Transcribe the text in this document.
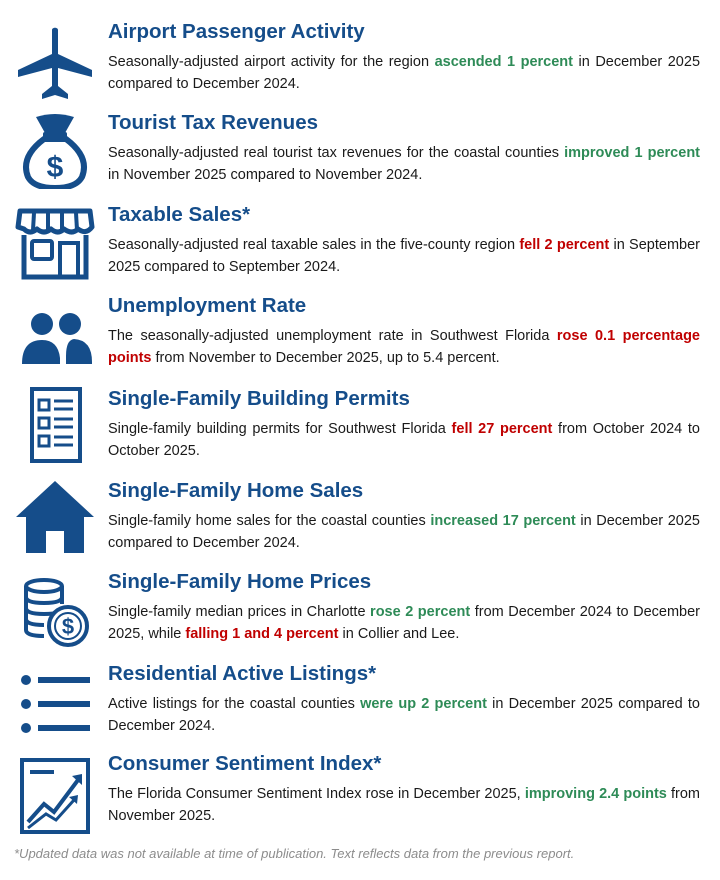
Airport Passenger Activity

Seasonally-adjusted airport activity for the region ascended 1 percent in December 2025 compared to December 2024.

$
Tourist Tax Revenues

Seasonally-adjusted real tourist tax revenues for the coastal counties improved 1 percent in November 2025 compared to November 2024.

Taxable Sales*

Seasonally-adjusted real taxable sales in the five-county region fell 2 percent in September 2025 compared to September 2024.

Unemployment Rate

The seasonally-adjusted unemployment rate in Southwest Florida rose 0.1 percentage points from November to December 2025, up to 5.4 percent.

Single-Family Building Permits

Single-family building permits for Southwest Florida fell 27 percent from October 2024 to October 2025.

Single-Family Home Sales

Single-family home sales for the coastal counties increased 17 percent in December 2025 compared to December 2024.

$
Single-Family Home Prices

Single-family median prices in Charlotte rose 2 percent from December 2024 to December 2025, while falling 1 and 4 percent in Collier and Lee.

Residential Active Listings*

Active listings for the coastal counties were up 2 percent in December 2025 compared to December 2024.

Consumer Sentiment Index*

The Florida Consumer Sentiment Index rose in December 2025, improving 2.4 points from November 2025.

*Updated data was not available at time of publication. Text reflects data from the previous report.
